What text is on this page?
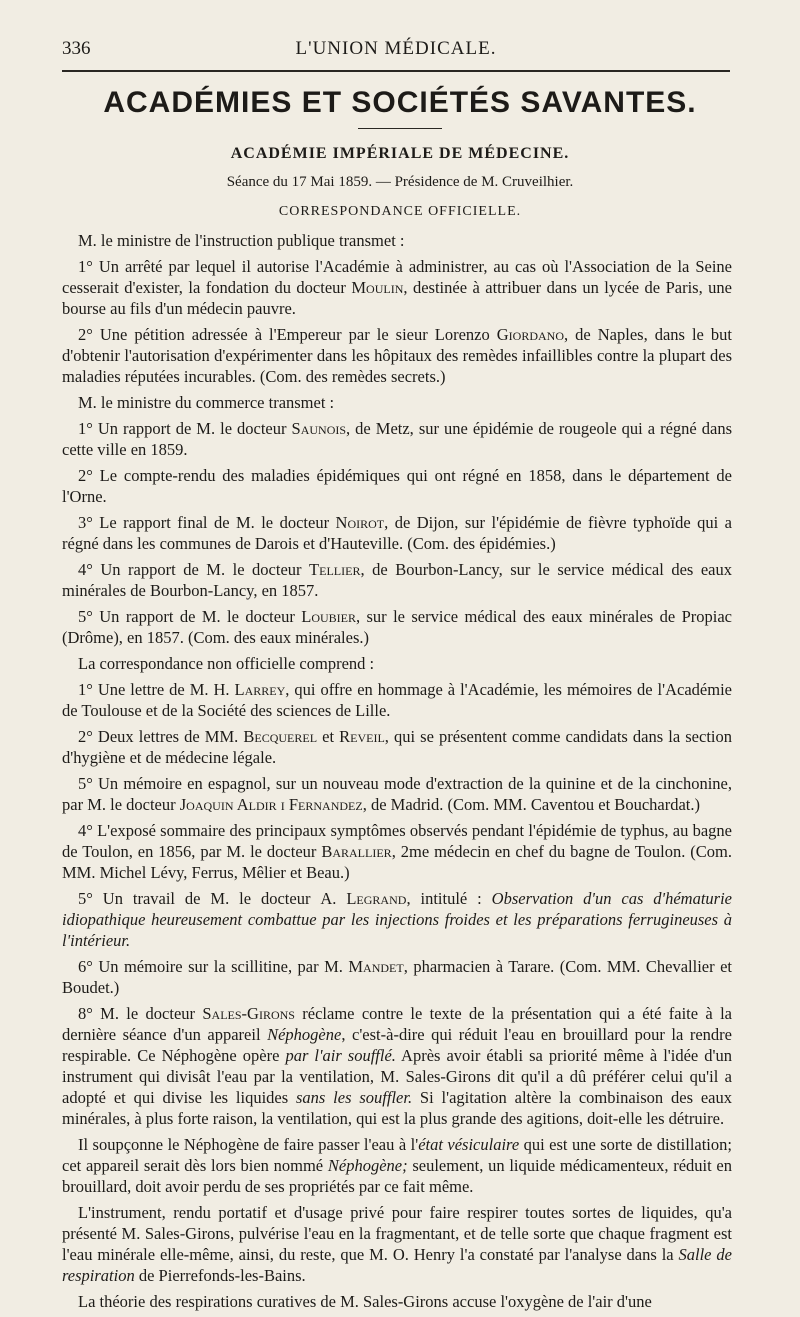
336	L'UNION MÉDICALE.
ACADÉMIES ET SOCIÉTÉS SAVANTES.
ACADÉMIE IMPÉRIALE DE MÉDECINE.
Séance du 17 Mai 1859. — Présidence de M. Cruveilhier.
CORRESPONDANCE OFFICIELLE.

M. le ministre de l'instruction publique transmet :

1° Un arrêté par lequel il autorise l'Académie à administrer, au cas où l'Association de la Seine cesserait d'exister, la fondation du docteur Moulin, destinée à attribuer dans un lycée de Paris, une bourse au fils d'un médecin pauvre.

2° Une pétition adressée à l'Empereur par le sieur Lorenzo Giordano, de Naples, dans le but d'obtenir l'autorisation d'expérimenter dans les hôpitaux des remèdes infaillibles contre la plupart des maladies réputées incurables. (Com. des remèdes secrets.)

M. le ministre du commerce transmet :

1° Un rapport de M. le docteur Saunois, de Metz, sur une épidémie de rougeole qui a régné dans cette ville en 1859.

2° Le compte-rendu des maladies épidémiques qui ont régné en 1858, dans le département de l'Orne.

3° Le rapport final de M. le docteur Noirot, de Dijon, sur l'épidémie de fièvre typhoïde qui a régné dans les communes de Darois et d'Hauteville. (Com. des épidémies.)

4° Un rapport de M. le docteur Tellier, de Bourbon-Lancy, sur le service médical des eaux minérales de Bourbon-Lancy, en 1857.

5° Un rapport de M. le docteur Loubier, sur le service médical des eaux minérales de Propiac (Drôme), en 1857. (Com. des eaux minérales.)

La correspondance non officielle comprend :

1° Une lettre de M. H. Larrey, qui offre en hommage à l'Académie, les mémoires de l'Académie de Toulouse et de la Société des sciences de Lille.

2° Deux lettres de MM. Becquerel et Reveil, qui se présentent comme candidats dans la section d'hygiène et de médecine légale.

5° Un mémoire en espagnol, sur un nouveau mode d'extraction de la quinine et de la cinchonine, par M. le docteur Joaquin Aldir i Fernandez, de Madrid. (Com. MM. Caventou et Bouchardat.)

4° L'exposé sommaire des principaux symptômes observés pendant l'épidémie de typhus, au bagne de Toulon, en 1856, par M. le docteur Barallier, 2me médecin en chef du bagne de Toulon. (Com. MM. Michel Lévy, Ferrus, Mêlier et Beau.)

5° Un travail de M. le docteur A. Legrand, intitulé : Observation d'un cas d'hématurie idiopathique heureusement combattue par les injections froides et les préparations ferrugineuses à l'intérieur.

6° Un mémoire sur la scillitine, par M. Mandet, pharmacien à Tarare. (Com. MM. Chevallier et Boudet.)

8° M. le docteur Sales-Girons réclame contre le texte de la présentation qui a été faite à la dernière séance d'un appareil Néphogène, c'est-à-dire qui réduit l'eau en brouillard pour la rendre respirable. Ce Néphogène opère par l'air soufflé. Après avoir établi sa priorité même à l'idée d'un instrument qui divisât l'eau par la ventilation, M. Sales-Girons dit qu'il a dû préférer celui qu'il a adopté et qui divise les liquides sans les souffler. Si l'agitation altère la combinaison des eaux minérales, à plus forte raison, la ventilation, qui est la plus grande des agitions, doit-elle les détruire.

Il soupçonne le Néphogène de faire passer l'eau à l'état vésiculaire qui est une sorte de distillation; cet appareil serait dès lors bien nommé Néphogène; seulement, un liquide médicamenteux, réduit en brouillard, doit avoir perdu de ses propriétés par ce fait même.

L'instrument, rendu portatif et d'usage privé pour faire respirer toutes sortes de liquides, qu'a présenté M. Sales-Girons, pulvérise l'eau en la fragmentant, et de telle sorte que chaque fragment est l'eau minérale elle-même, ainsi, du reste, que M. O. Henry l'a constaté par l'analyse dans la Salle de respiration de Pierrefonds-les-Bains.

La théorie des respirations curatives de M. Sales-Girons accuse l'oxygène de l'air d'une
